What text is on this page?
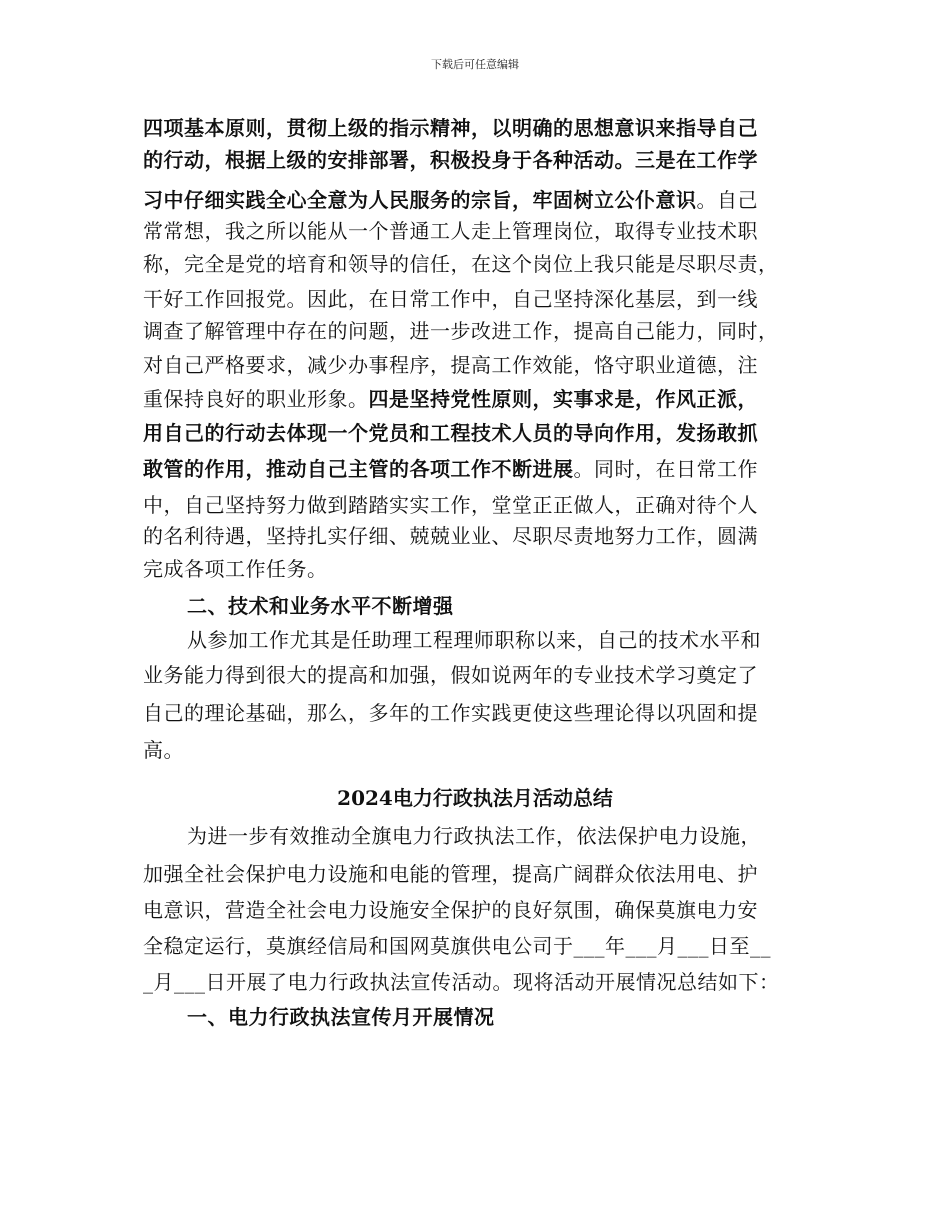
下载后可任意编辑
四项基本原则，贯彻上级的指示精神，以明确的思想意识来指导自己
的行动，根据上级的安排部署，积极投身于各种活动。三是在工作学
习中仔细实践全心全意为人民服务的宗旨，牢固树立公仆意识。自己
常常想，我之所以能从一个普通工人走上管理岗位，取得专业技术职
称，完全是党的培育和领导的信任，在这个岗位上我只能是尽职尽责，
干好工作回报党。因此，在日常工作中，自己坚持深化基层，到一线
调查了解管理中存在的问题，进一步改进工作，提高自己能力，同时，
对自己严格要求，减少办事程序，提高工作效能，恪守职业道德，注
重保持良好的职业形象。四是坚持党性原则，实事求是，作风正派，
用自己的行动去体现一个党员和工程技术人员的导向作用，发扬敢抓
敢管的作用，推动自己主管的各项工作不断进展。同时，在日常工作
中，自己坚持努力做到踏踏实实工作，堂堂正正做人，正确对待个人
的名利待遇，坚持扎实仔细、兢兢业业、尽职尽责地努力工作，圆满
完成各项工作任务。
二、技术和业务水平不断增强
从参加工作尤其是任助理工程理师职称以来，自己的技术水平和
业务能力得到很大的提高和加强，假如说两年的专业技术学习奠定了
自己的理论基础，那么，多年的工作实践更使这些理论得以巩固和提
高。
2024电力行政执法月活动总结
为进一步有效推动全旗电力行政执法工作，依法保护电力设施，
加强全社会保护电力设施和电能的管理，提高广阔群众依法用电、护
电意识，营造全社会电力设施安全保护的良好氛围，确保莫旗电力安
全稳定运行，莫旗经信局和国网莫旗供电公司于___年___月___日至__
_月___日开展了电力行政执法宣传活动。现将活动开展情况总结如下：
一、电力行政执法宣传月开展情况
